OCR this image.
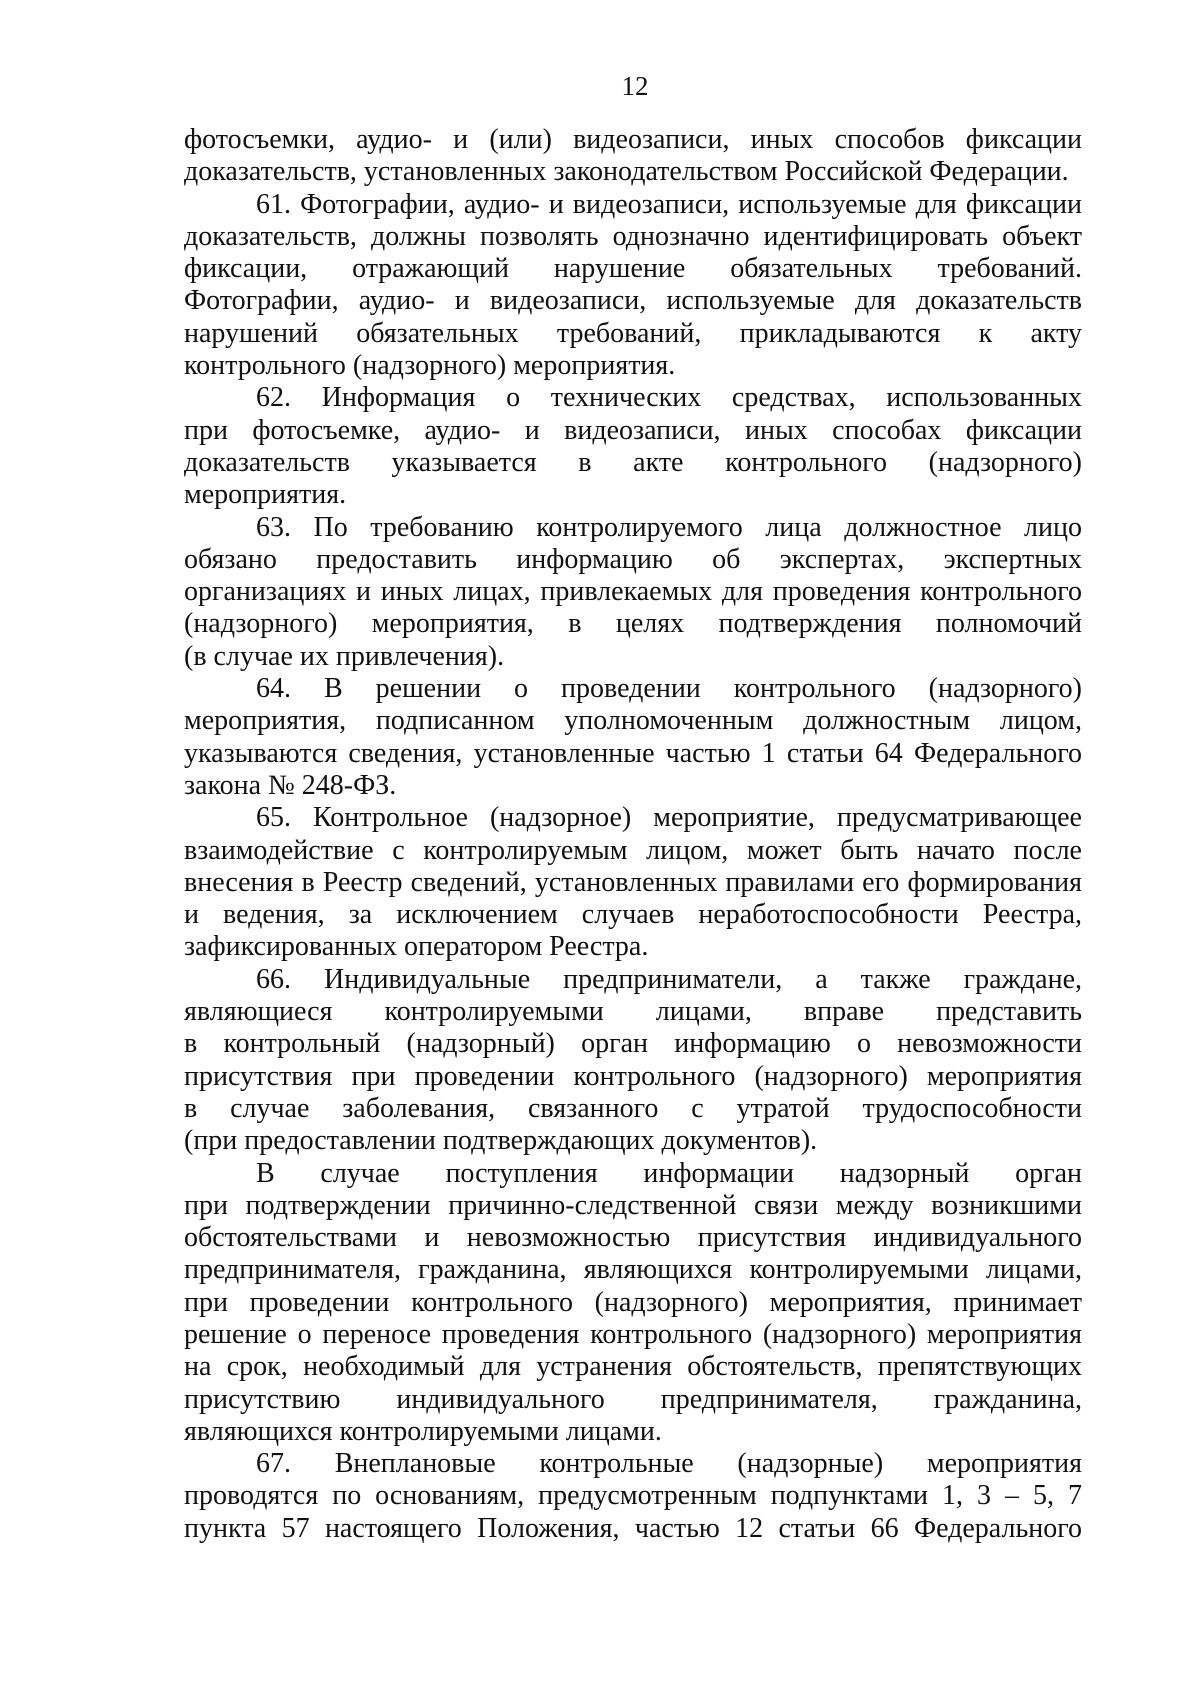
12
фотосъемки, аудио- и (или) видеозаписи, иных способов фиксации
доказательств, установленных законодательством Российской Федерации.
61. Фотографии, аудио- и видеозаписи, используемые для фиксации
доказательств, должны позволять однозначно идентифицировать объект
фиксации, отражающий нарушение обязательных требований.
Фотографии, аудио- и видеозаписи, используемые для доказательств
нарушений обязательных требований, прикладываются к акту
контрольного (надзорного) мероприятия.
62. Информация о технических средствах, использованных
при фотосъемке, аудио- и видеозаписи, иных способах фиксации
доказательств указывается в акте контрольного (надзорного)
мероприятия.
63. По требованию контролируемого лица должностное лицо
обязано предоставить информацию об экспертах, экспертных
организациях и иных лицах, привлекаемых для проведения контрольного
(надзорного) мероприятия, в целях подтверждения полномочий
(в случае их привлечения).
64. В решении о проведении контрольного (надзорного)
мероприятия, подписанном уполномоченным должностным лицом,
указываются сведения, установленные частью 1 статьи 64 Федерального
закона № 248-ФЗ.
65. Контрольное (надзорное) мероприятие, предусматривающее
взаимодействие с контролируемым лицом, может быть начато после
внесения в Реестр сведений, установленных правилами его формирования
и ведения, за исключением случаев неработоспособности Реестра,
зафиксированных оператором Реестра.
66. Индивидуальные предприниматели, а также граждане,
являющиеся контролируемыми лицами, вправе представить
в контрольный (надзорный) орган информацию о невозможности
присутствия при проведении контрольного (надзорного) мероприятия
в случае заболевания, связанного с утратой трудоспособности
(при предоставлении подтверждающих документов).
В случае поступления информации надзорный орган
при подтверждении причинно-следственной связи между возникшими
обстоятельствами и невозможностью присутствия индивидуального
предпринимателя, гражданина, являющихся контролируемыми лицами,
при проведении контрольного (надзорного) мероприятия, принимает
решение о переносе проведения контрольного (надзорного) мероприятия
на срок, необходимый для устранения обстоятельств, препятствующих
присутствию индивидуального предпринимателя, гражданина,
являющихся контролируемыми лицами.
67. Внеплановые контрольные (надзорные) мероприятия
проводятся по основаниям, предусмотренным подпунктами 1, 3 – 5, 7
пункта 57 настоящего Положения, частью 12 статьи 66 Федерального
